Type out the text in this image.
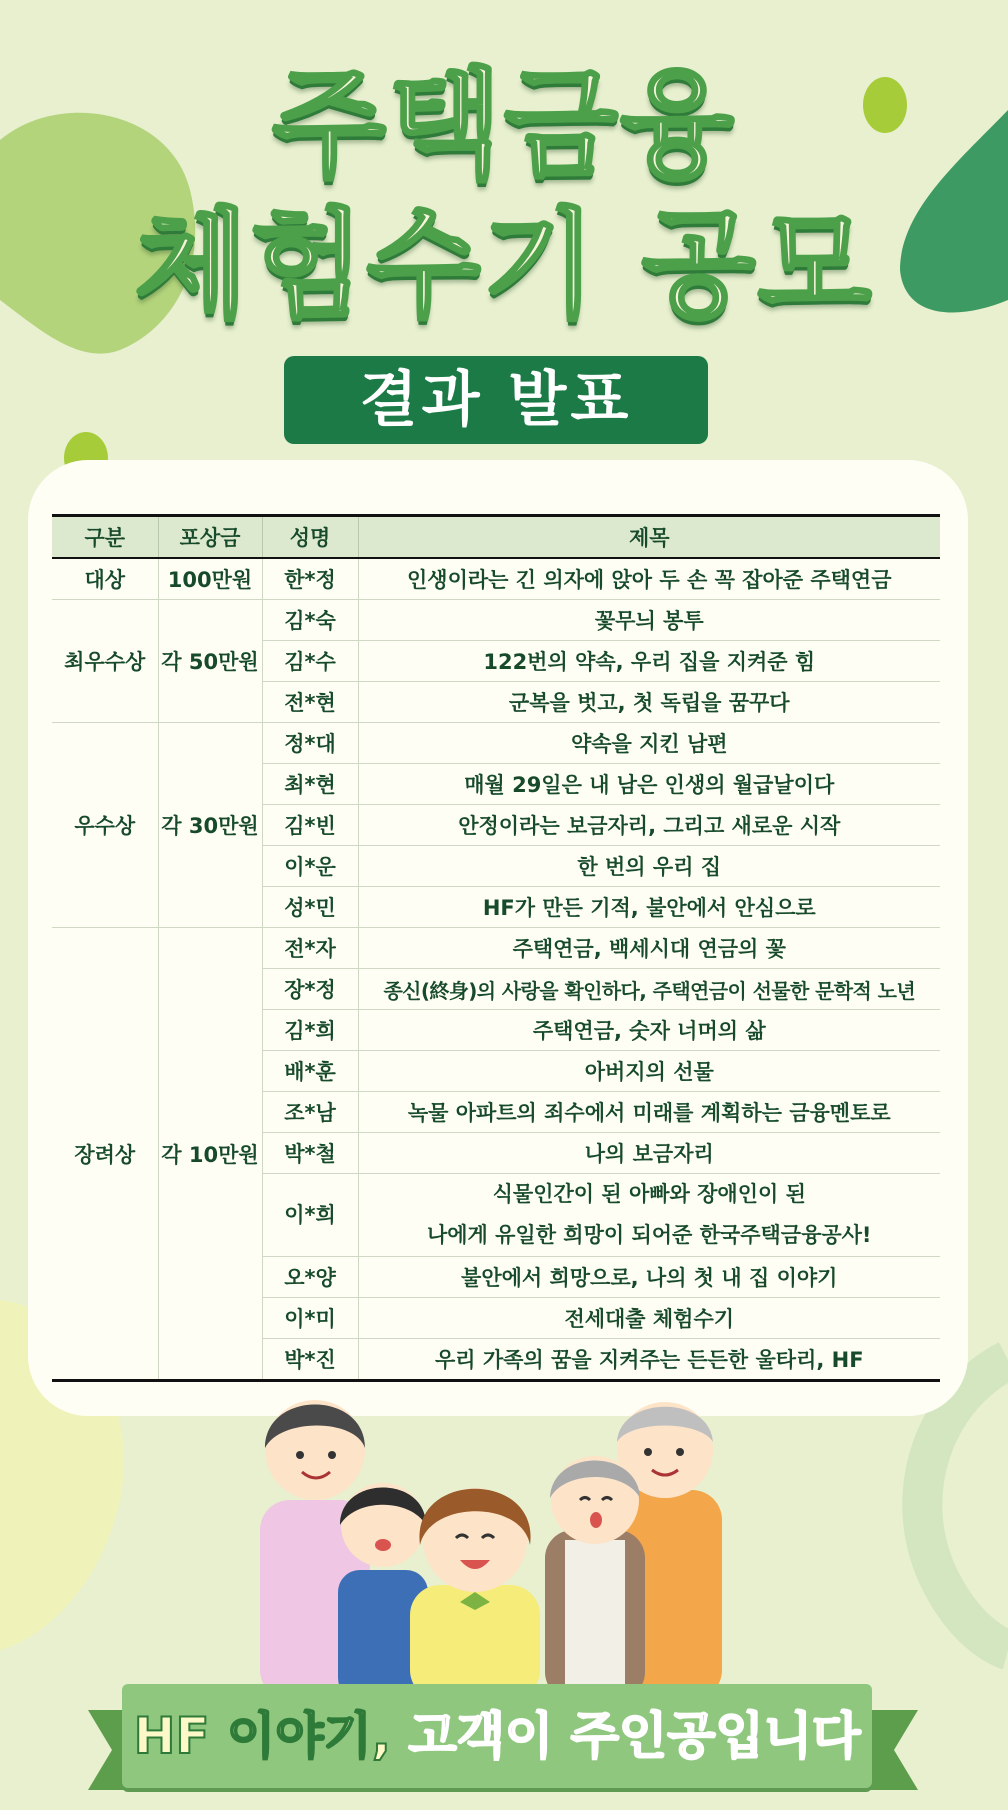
주택금융
체험수기 공모
결과 발표
구분	포상금	성명	제목
대상	100만원	한*정	인생이라는 긴 의자에 앉아 두 손 꼭 잡아준 주택연금
최우수상	각 50만원	김*숙	꽃무늬 봉투
		김*수	122번의 약속, 우리 집을 지켜준 힘
		전*현	군복을 벗고, 첫 독립을 꿈꾸다
우수상	각 30만원	정*대	약속을 지킨 남편
		최*현	매월 29일은 내 남은 인생의 월급날이다
		김*빈	안정이라는 보금자리, 그리고 새로운 시작
		이*운	한 번의 우리 집
		성*민	HF가 만든 기적, 불안에서 안심으로
장려상	각 10만원	전*자	주택연금, 백세시대 연금의 꽃
		장*정	종신(終身)의 사랑을 확인하다, 주택연금이 선물한 문학적 노년
		김*희	주택연금, 숫자 너머의 삶
		배*훈	아버지의 선물
		조*남	녹물 아파트의 죄수에서 미래를 계획하는 금융멘토로
		박*철	나의 보금자리
		이*희	식물인간이 된 아빠와 장애인이 된
나에게 유일한 희망이 되어준 한국주택금융공사!

		오*양	불안에서 희망으로, 나의 첫 내 집 이야기
		이*미	전세대출 체험수기
		박*진	우리 가족의 꿈을 지켜주는 든든한 울타리, HF
HF 이야기, 고객이 주인공입니다
